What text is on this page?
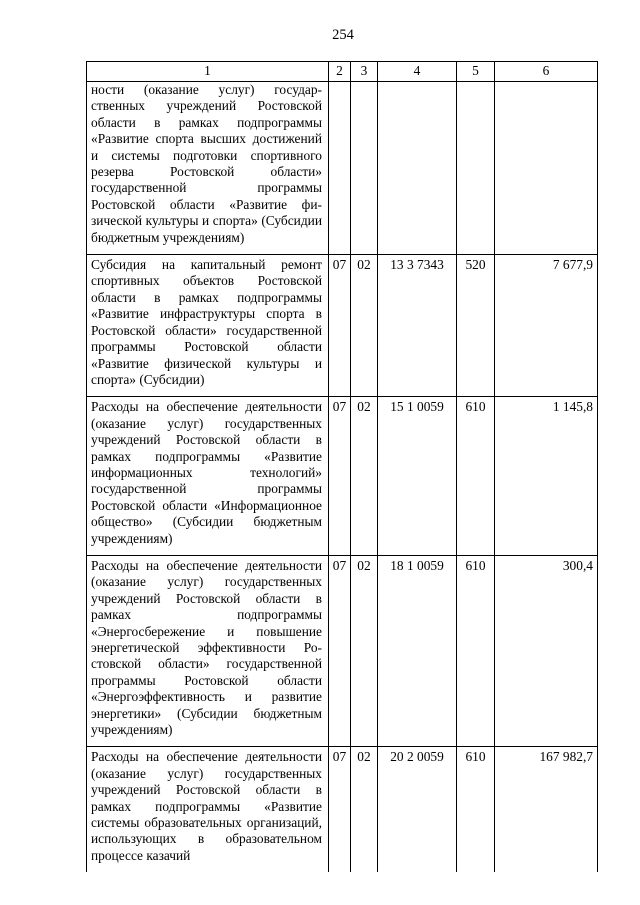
254
1	2	3	4	5	6
ности (оказание услуг) государственных учреждений Ростовской области в рамках подпрограммы «Развитие спорта высших достижений и системы подготовки спортивного резерва Ростовской области» государственной программы Ростовской области «Развитие физической культуры и спорта» (Субсидии бюджетным учреждениям)					
Субсидия на капитальный ремонт спортивных объектов Ростовской области в рамках подпрограммы «Развитие инфраструктуры спорта в Ростовской области» государственной программы Ростовской области «Развитие физической культуры и спорта» (Субсидии)	07	02	13 3 7343	520	7 677,9
Расходы на обеспечение деятельности (оказание услуг) государственных учреждений Ростовской области в рамках подпрограммы «Развитие информационных технологий» государственной программы Ростовской области «Информационное общество» (Субсидии бюджетным учреждениям)	07	02	15 1 0059	610	1 145,8
Расходы на обеспечение деятельности (оказание услуг) государственных учреждений Ростовской области в рамках подпрограммы «Энергосбережение и повышение энергетической эффективности Ростовской области» государственной программы Ростовской области «Энергоэффективность и развитие энергетики» (Субсидии бюджетным учреждениям)	07	02	18 1 0059	610	300,4
Расходы на обеспечение деятельности (оказание услуг) государственных учреждений Ростовской области в рамках подпрограммы «Развитие системы образовательных организаций, использующих в образовательном процессе казачий	07	02	20 2 0059	610	167 982,7
